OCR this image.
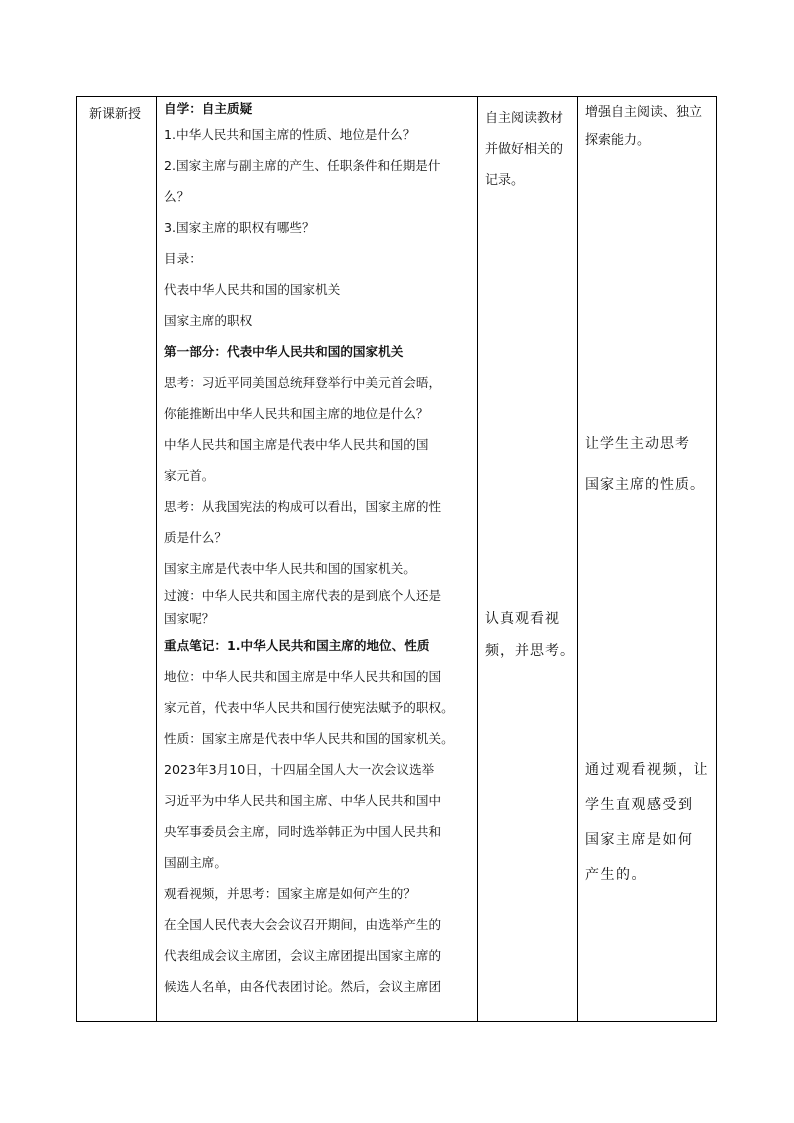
新课新授	自学：自主质疑

1.中华人民共和国主席的性质、地位是什么？

2.国家主席与副主席的产生、任职条件和任期是什

么？

3.国家主席的职权有哪些？

目录：

代表中华人民共和国的国家机关

国家主席的职权

第一部分：代表中华人民共和国的国家机关

思考：习近平同美国总统拜登举行中美元首会晤，

你能推断出中华人民共和国主席的地位是什么？

中华人民共和国主席是代表中华人民共和国的国

家元首。

思考：从我国宪法的构成可以看出，国家主席的性

质是什么？

国家主席是代表中华人民共和国的国家机关。

过渡：中华人民共和国主席代表的是到底个人还是

国家呢？

重点笔记：1.中华人民共和国主席的地位、性质

地位：中华人民共和国主席是中华人民共和国的国

家元首，代表中华人民共和国行使宪法赋予的职权。

性质：国家主席是代表中华人民共和国的国家机关。

2023年3月10日，十四届全国人大一次会议选举

习近平为中华人民共和国主席、中华人民共和国中

央军事委员会主席，同时选举韩正为中国人民共和

国副主席。

观看视频，并思考：国家主席是如何产生的？

在全国人民代表大会会议召开期间，由选举产生的

代表组成会议主席团，会议主席团提出国家主席的

候选人名单，由各代表团讨论。然后，会议主席团

自主阅读教材

并做好相关的

记录。

认真观看视

频，并思考。

增强自主阅读、独立

探索能力。

让学生主动思考

国家主席的性质。

通过观看视频，让

学生直观感受到

国家主席是如何

产生的。
